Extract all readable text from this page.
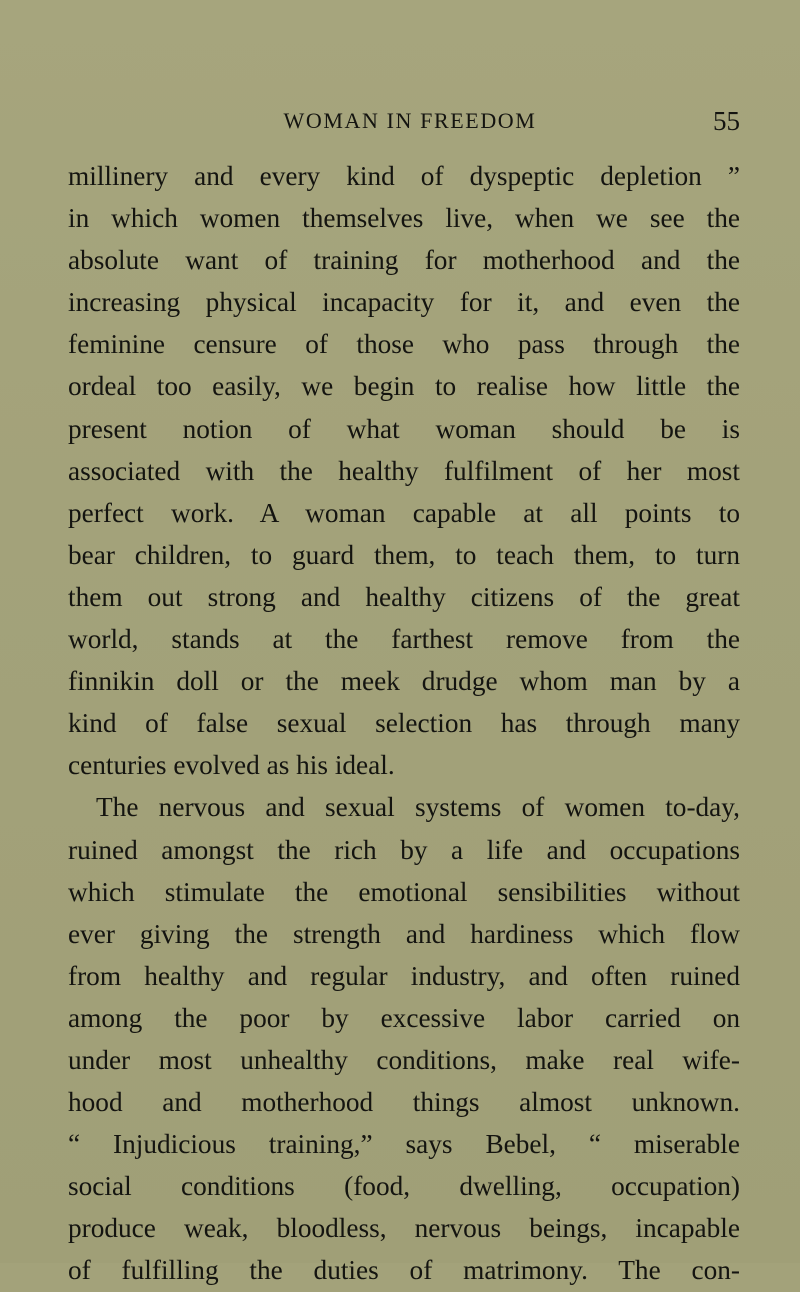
WOMAN IN FREEDOM	55
millinery and every kind of dyspeptic depletion ”
in which women themselves live, when we see the
absolute want of training for motherhood and the
increasing physical incapacity for it, and even the
feminine censure of those who pass through the
ordeal too easily, we begin to realise how little the
present notion of what woman should be is
associated with the healthy fulfilment of her most
perfect work. A woman capable at all points to
bear children, to guard them, to teach them, to turn
them out strong and healthy citizens of the great
world, stands at the farthest remove from the
finnikin doll or the meek drudge whom man by a
kind of false sexual selection has through many
centuries evolved as his ideal.
The nervous and sexual systems of women to-day,
ruined amongst the rich by a life and occupations
which stimulate the emotional sensibilities without
ever giving the strength and hardiness which flow
from healthy and regular industry, and often ruined
among the poor by excessive labor carried on
under most unhealthy conditions, make real wife-
hood and motherhood things almost unknown.
“ Injudicious training,” says Bebel, “ miserable
social conditions (food, dwelling, occupation)
produce weak, bloodless, nervous beings, incapable
of fulfilling the duties of matrimony. The con-
